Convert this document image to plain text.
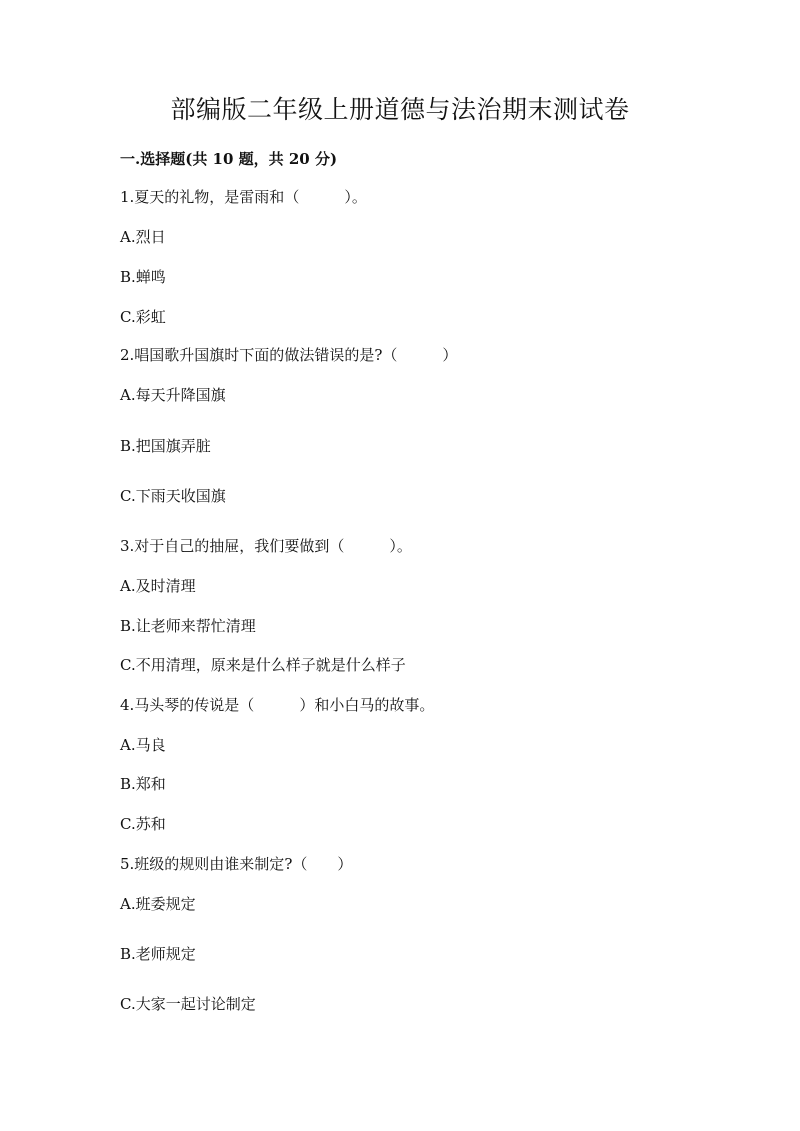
部编版二年级上册道德与法治期末测试卷
一.选择题(共 10 题，共 20 分)
1.夏天的礼物，是雷雨和（　　　）。
A.烈日
B.蝉鸣
C.彩虹
2.唱国歌升国旗时下面的做法错误的是?（　　　）
A.每天升降国旗
B.把国旗弄脏
C.下雨天收国旗
3.对于自己的抽屉，我们要做到（　　　）。
A.及时清理
B.让老师来帮忙清理
C.不用清理，原来是什么样子就是什么样子
4.马头琴的传说是（　　　）和小白马的故事。
A.马良
B.郑和
C.苏和
5.班级的规则由谁来制定?（　　）
A.班委规定
B.老师规定
C.大家一起讨论制定
